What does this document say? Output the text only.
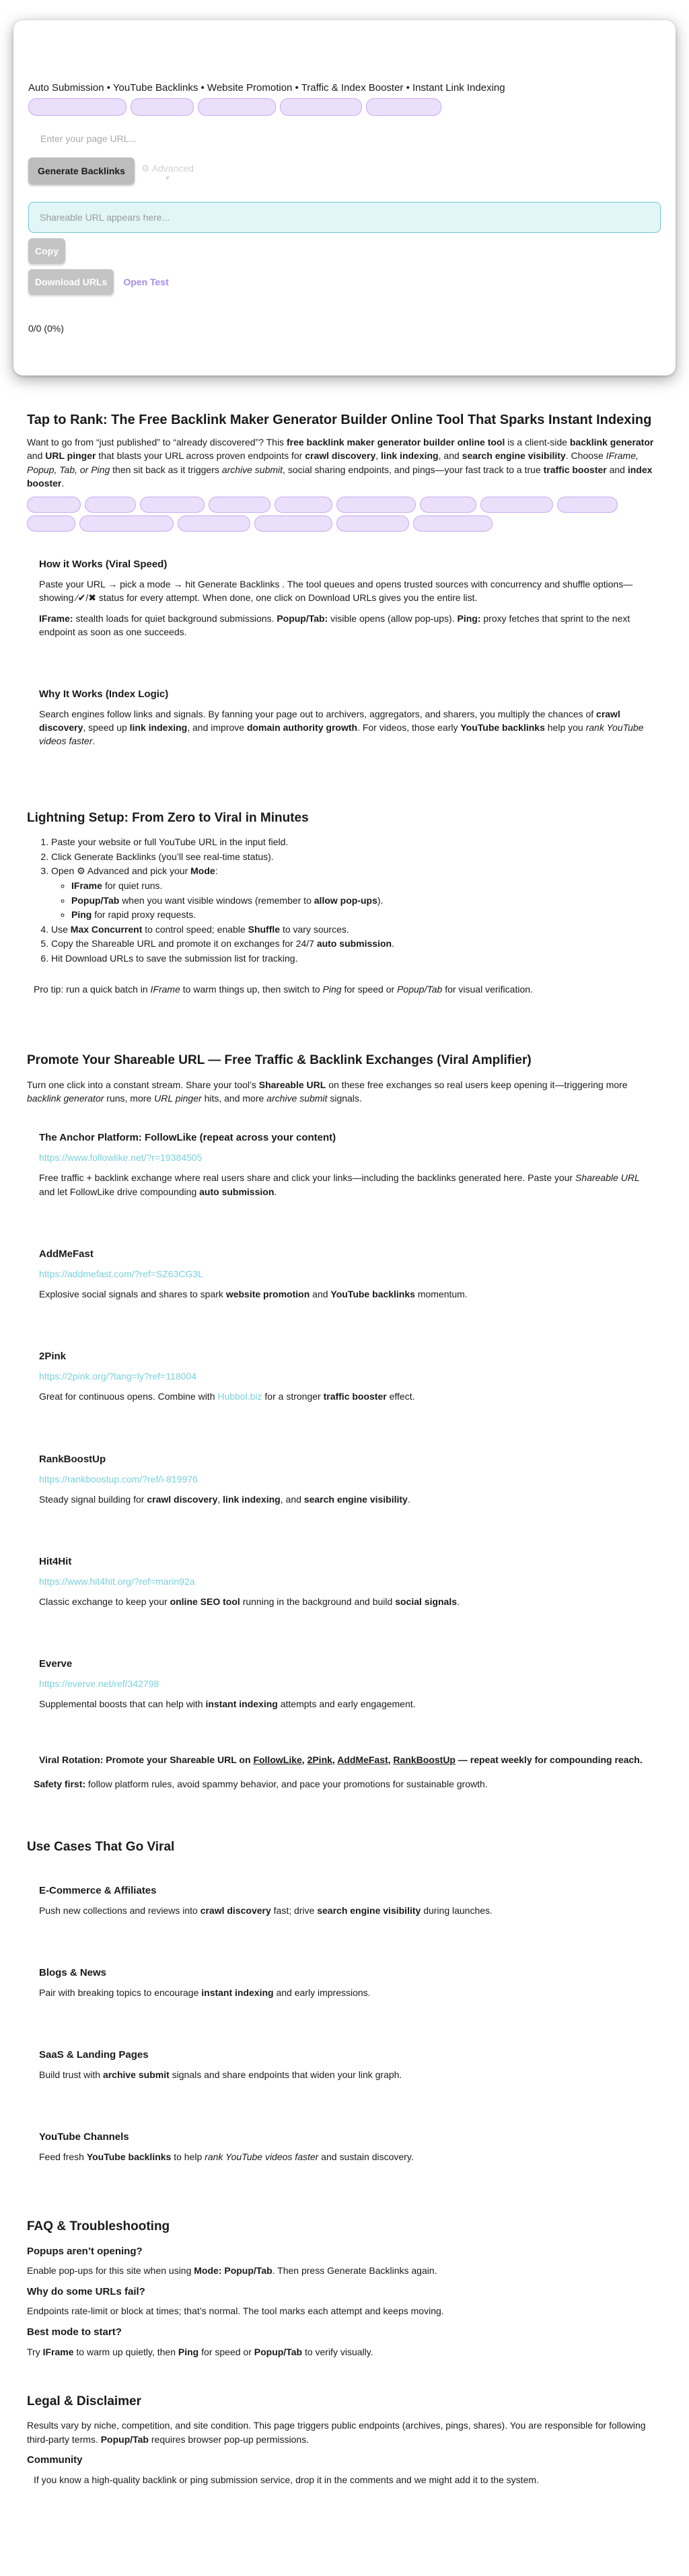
Auto Submission • YouTube Backlinks • Website Promotion • Traffic & Index Booster • Instant Link Indexing
Enter your page URL...
Generate Backlinks	⚙ Advanced
▾
Shareable URL appears here...
Copy
Download URLs	Open Test
0/0 (0%)
Tap to Rank: The Free Backlink Maker Generator Builder Online Tool That Sparks Instant Indexing

Want to go from “just published” to “already discovered”? This free backlink maker generator builder online tool is a client-side backlink generator and URL pinger that blasts your URL across proven endpoints for crawl discovery, link indexing, and search engine visibility. Choose IFrame, Popup, Tab, or Ping then sit back as it triggers archive submit, social sharing endpoints, and pings—your fast track to a true traffic booster and index booster.

How it Works (Viral Speed)

Paste your URL → pick a mode → hit Generate Backlinks . The tool queues and opens trusted sources with concurrency and shuffle options—showing ⁄✔/✖ status for every attempt. When done, one click on Download URLs gives you the entire list.

IFrame: stealth loads for quiet background submissions. Popup/Tab: visible opens (allow pop-ups). Ping: proxy fetches that sprint to the next endpoint as soon as one succeeds.

Why It Works (Index Logic)

Search engines follow links and signals. By fanning your page out to archivers, aggregators, and sharers, you multiply the chances of crawl discovery, speed up link indexing, and improve domain authority growth. For videos, those early YouTube backlinks help you rank YouTube videos faster.

Lightning Setup: From Zero to Viral in Minutes
1. Paste your website or full YouTube URL in the input field.
2. Click Generate Backlinks (you’ll see real-time status).
3. Open ⚙ Advanced and pick your Mode:
◦ IFrame for quiet runs.
◦ Popup/Tab when you want visible windows (remember to allow pop-ups).
◦ Ping for rapid proxy requests.
4. Use Max Concurrent to control speed; enable Shuffle to vary sources.
5. Copy the Shareable URL and promote it on exchanges for 24/7 auto submission.
6. Hit Download URLs to save the submission list for tracking.

Pro tip: run a quick batch in IFrame to warm things up, then switch to Ping for speed or Popup/Tab for visual verification.

Promote Your Shareable URL — Free Traffic & Backlink Exchanges (Viral Amplifier)

Turn one click into a constant stream. Share your tool’s Shareable URL on these free exchanges so real users keep opening it—triggering more backlink generator runs, more URL pinger hits, and more archive submit signals.

The Anchor Platform: FollowLike (repeat across your content)

https://www.followlike.net/?r=19384505

Free traffic + backlink exchange where real users share and click your links—including the backlinks generated here. Paste your Shareable URL and let FollowLike drive compounding auto submission.

AddMeFast

https://addmefast.com/?ref=SZ63CG3L

Explosive social signals and shares to spark website promotion and YouTube backlinks momentum.

2Pink

https://2pink.org/?lang=ly?ref=118004

Great for continuous opens. Combine with Hubbol.biz for a stronger traffic booster effect.

RankBoostUp

https://rankboostup.com/?ref/i-819976

Steady signal building for crawl discovery, link indexing, and search engine visibility.

Hit4Hit

https://www.hit4hit.org/?ref=marin92a

Classic exchange to keep your online SEO tool running in the background and build social signals.

Everve

https://everve.net/ref/342798

Supplemental boosts that can help with instant indexing attempts and early engagement.

Viral Rotation: Promote your Shareable URL on FollowLike, 2Pink, AddMeFast, RankBoostUp — repeat weekly for compounding reach.

Safety first: follow platform rules, avoid spammy behavior, and pace your promotions for sustainable growth.

Use Cases That Go Viral
E-Commerce & Affiliates

Push new collections and reviews into crawl discovery fast; drive search engine visibility during launches.

Blogs & News

Pair with breaking topics to encourage instant indexing and early impressions.

SaaS & Landing Pages

Build trust with archive submit signals and share endpoints that widen your link graph.

YouTube Channels

Feed fresh YouTube backlinks to help rank YouTube videos faster and sustain discovery.

FAQ & Troubleshooting
Popups aren’t opening?

Enable pop-ups for this site when using Mode: Popup/Tab. Then press Generate Backlinks again.

Why do some URLs fail?

Endpoints rate-limit or block at times; that’s normal. The tool marks each attempt and keeps moving.

Best mode to start?

Try IFrame to warm up quietly, then Ping for speed or Popup/Tab to verify visually.

Legal & Disclaimer

Results vary by niche, competition, and site condition. This page triggers public endpoints (archives, pings, shares). You are responsible for following third-party terms. Popup/Tab requires browser pop-up permissions.

Community

If you know a high-quality backlink or ping submission service, drop it in the comments and we might add it to the system.
